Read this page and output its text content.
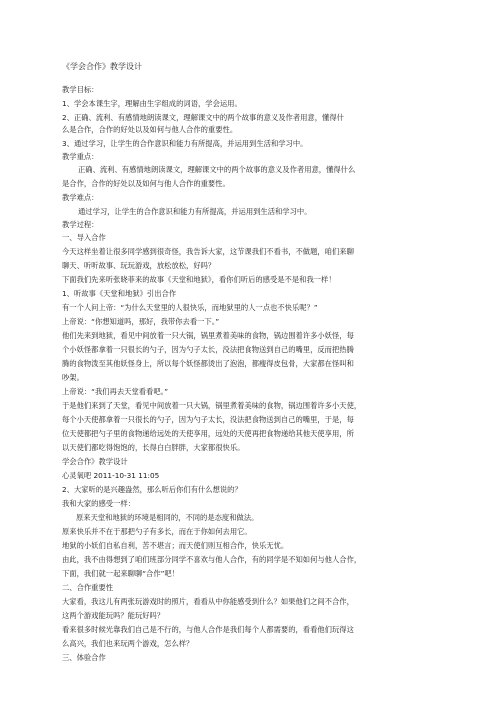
《学会合作》教学设计
教学目标：
1、学会本课生字，理解由生字组成的词语，学会运用。
2、正确、流利、有感情地朗读课文，理解课文中的两个故事的意义及作者用意，懂得什
么是合作，合作的好处以及如何与他人合作的重要性。
3、通过学习，让学生的合作意识和能力有所提高，并运用到生活和学习中。
教学重点：
正确、流利、有感情地朗读课文，理解课文中的两个故事的意义及作者用意，懂得什么
是合作，合作的好处以及如何与他人合作的重要性。
教学难点：
通过学习，让学生的合作意识和能力有所提高，并运用到生活和学习中。
教学过程：
一、导入合作
今天这样坐着让很多同学感到很奇怪，我告诉大家，这节课我们不看书，不做题，咱们来聊
聊天、听听故事、玩玩游戏，放松放松，好吗？
下面我们先来听张晓菲来的故事《天堂和地狱》，看你们听后的感受是不是和我一样！
1、听故事《天堂和地狱》引出合作
有一个人问上帝：“为什么天堂里的人很快乐，而地狱里的人一点也不快乐呢？”
上帝说：“你想知道吗，那好，我带你去看一下。”
他们先来到地狱，看见中间放着一只大锅，锅里煮着美味的食物，锅边围着许多小妖怪，每
个小妖怪都拿着一只很长的勺子，因为勺子太长，没法把食物送到自己的嘴里，反而把热腾
腾的食物泼至其他妖怪身上，所以每个妖怪都烫出了泡泡，都瘦得皮包骨，大家都在怪叫和
吵架。
上帝说：“我们再去天堂看看吧。”
于是他们来到了天堂，看见中间放着一只大锅，锅里煮着美味的食物，锅边围着许多小天使，
每个小天使都拿着一只很长的勺子，因为勺子太长，没法把食物送到自己的嘴里，于是，每
位天使都把勺子里的食物递给远处的天使享用，远处的天使再把食物递给其他天使享用，所
以天使们都吃得饱饱的，长得白白胖胖，大家都很快乐。
学会合作》教学设计
心灵氧吧 2011-10-31 11:05
2、大家听的是兴趣盎然，那么听后你们有什么想说的？
我和大家的感受一样：
原来天堂和地狱的环境是相同的，不同的是态度和做法。
原来快乐并不在于那把勺子有多长，而在于你如何去用它。
地狱的小妖们自私自利，苦不堪言；而天使们则互相合作，快乐无忧。
由此，我不由得想到了咱们班部分同学不喜欢与他人合作，有的同学是不知如何与他人合作，
下面，我们就一起来聊聊“合作”吧！
二、合作重要性
大家看，我这儿有两张玩游戏时的照片，看看从中你能感受到什么？如果他们之间不合作，
这两个游戏能玩吗？能玩好吗？
看来很多时候光靠我们自己是不行的，与他人合作是我们每个人都需要的，看看他们玩得这
么高兴，我们也来玩两个游戏，怎么样？
三、体验合作
